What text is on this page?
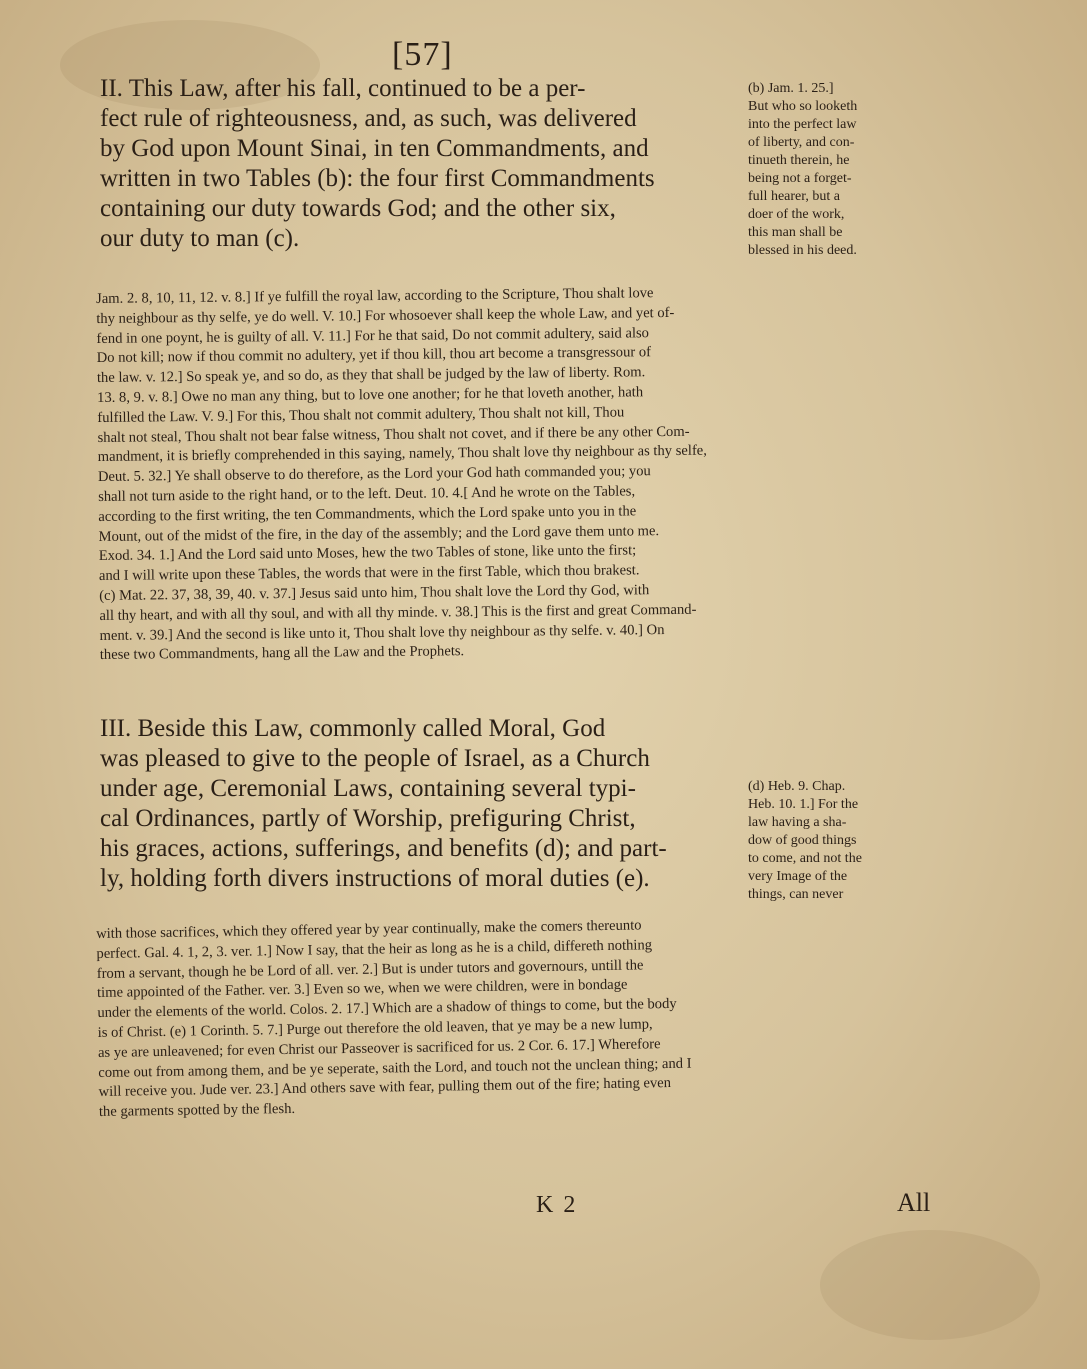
[57]
II. This Law, after his fall, continued to be a per-
fect rule of righteousness, and, as such, was delivered
by God upon Mount Sinai, in ten Commandments, and
written in two Tables (b): the four first Commandments
containing our duty towards God; and the other six,
our duty to man (c).
(b) Jam. 1. 25.]
But who so looketh
into the perfect law
of liberty, and con-
tinueth therein, he
being not a forget-
full hearer, but a
doer of the work,
this man shall be
blessed in his deed.
Jam. 2. 8, 10, 11, 12. v. 8.] If ye fulfill the royal law, according to the Scripture, Thou shalt love
thy neighbour as thy selfe, ye do well. V. 10.] For whosoever shall keep the whole Law, and yet of-
fend in one poynt, he is guilty of all. V. 11.] For he that said, Do not commit adultery, said also
Do not kill; now if thou commit no adultery, yet if thou kill, thou art become a transgressour of
the law. v. 12.] So speak ye, and so do, as they that shall be judged by the law of liberty. Rom.
13. 8, 9. v. 8.] Owe no man any thing, but to love one another; for he that loveth another, hath
fulfilled the Law. V. 9.] For this, Thou shalt not commit adultery, Thou shalt not kill, Thou
shalt not steal, Thou shalt not bear false witness, Thou shalt not covet, and if there be any other Com-
mandment, it is briefly comprehended in this saying, namely, Thou shalt love thy neighbour as thy selfe,
Deut. 5. 32.] Ye shall observe to do therefore, as the Lord your God hath commanded you; you
shall not turn aside to the right hand, or to the left. Deut. 10. 4.[ And he wrote on the Tables,
according to the first writing, the ten Commandments, which the Lord spake unto you in the
Mount, out of the midst of the fire, in the day of the assembly; and the Lord gave them unto me.
Exod. 34. 1.] And the Lord said unto Moses, hew the two Tables of stone, like unto the first;
and I will write upon these Tables, the words that were in the first Table, which thou brakest.
(c) Mat. 22. 37, 38, 39, 40. v. 37.] Jesus said unto him, Thou shalt love the Lord thy God, with
all thy heart, and with all thy soul, and with all thy minde. v. 38.] This is the first and great Command-
ment. v. 39.] And the second is like unto it, Thou shalt love thy neighbour as thy selfe. v. 40.] On
these two Commandments, hang all the Law and the Prophets.
III. Beside this Law, commonly called Moral, God
was pleased to give to the people of Israel, as a Church
under age, Ceremonial Laws, containing several typi-
cal Ordinances, partly of Worship, prefiguring Christ,
his graces, actions, sufferings, and benefits (d); and part-
ly, holding forth divers instructions of moral duties (e).
(d) Heb. 9. Chap.
Heb. 10. 1.] For the
law having a sha-
dow of good things
to come, and not the
very Image of the
things, can never
with those sacrifices, which they offered year by year continually, make the comers thereunto
perfect. Gal. 4. 1, 2, 3. ver. 1.] Now I say, that the heir as long as he is a child, differeth nothing
from a servant, though he be Lord of all. ver. 2.] But is under tutors and governours, untill the
time appointed of the Father. ver. 3.] Even so we, when we were children, were in bondage
under the elements of the world. Colos. 2. 17.] Which are a shadow of things to come, but the body
is of Christ. (e) 1 Corinth. 5. 7.] Purge out therefore the old leaven, that ye may be a new lump,
as ye are unleavened; for even Christ our Passeover is sacrificed for us. 2 Cor. 6. 17.] Wherefore
come out from among them, and be ye seperate, saith the Lord, and touch not the unclean thing; and I
will receive you. Jude ver. 23.] And others save with fear, pulling them out of the fire; hating even
the garments spotted by the flesh.
K 2	All
